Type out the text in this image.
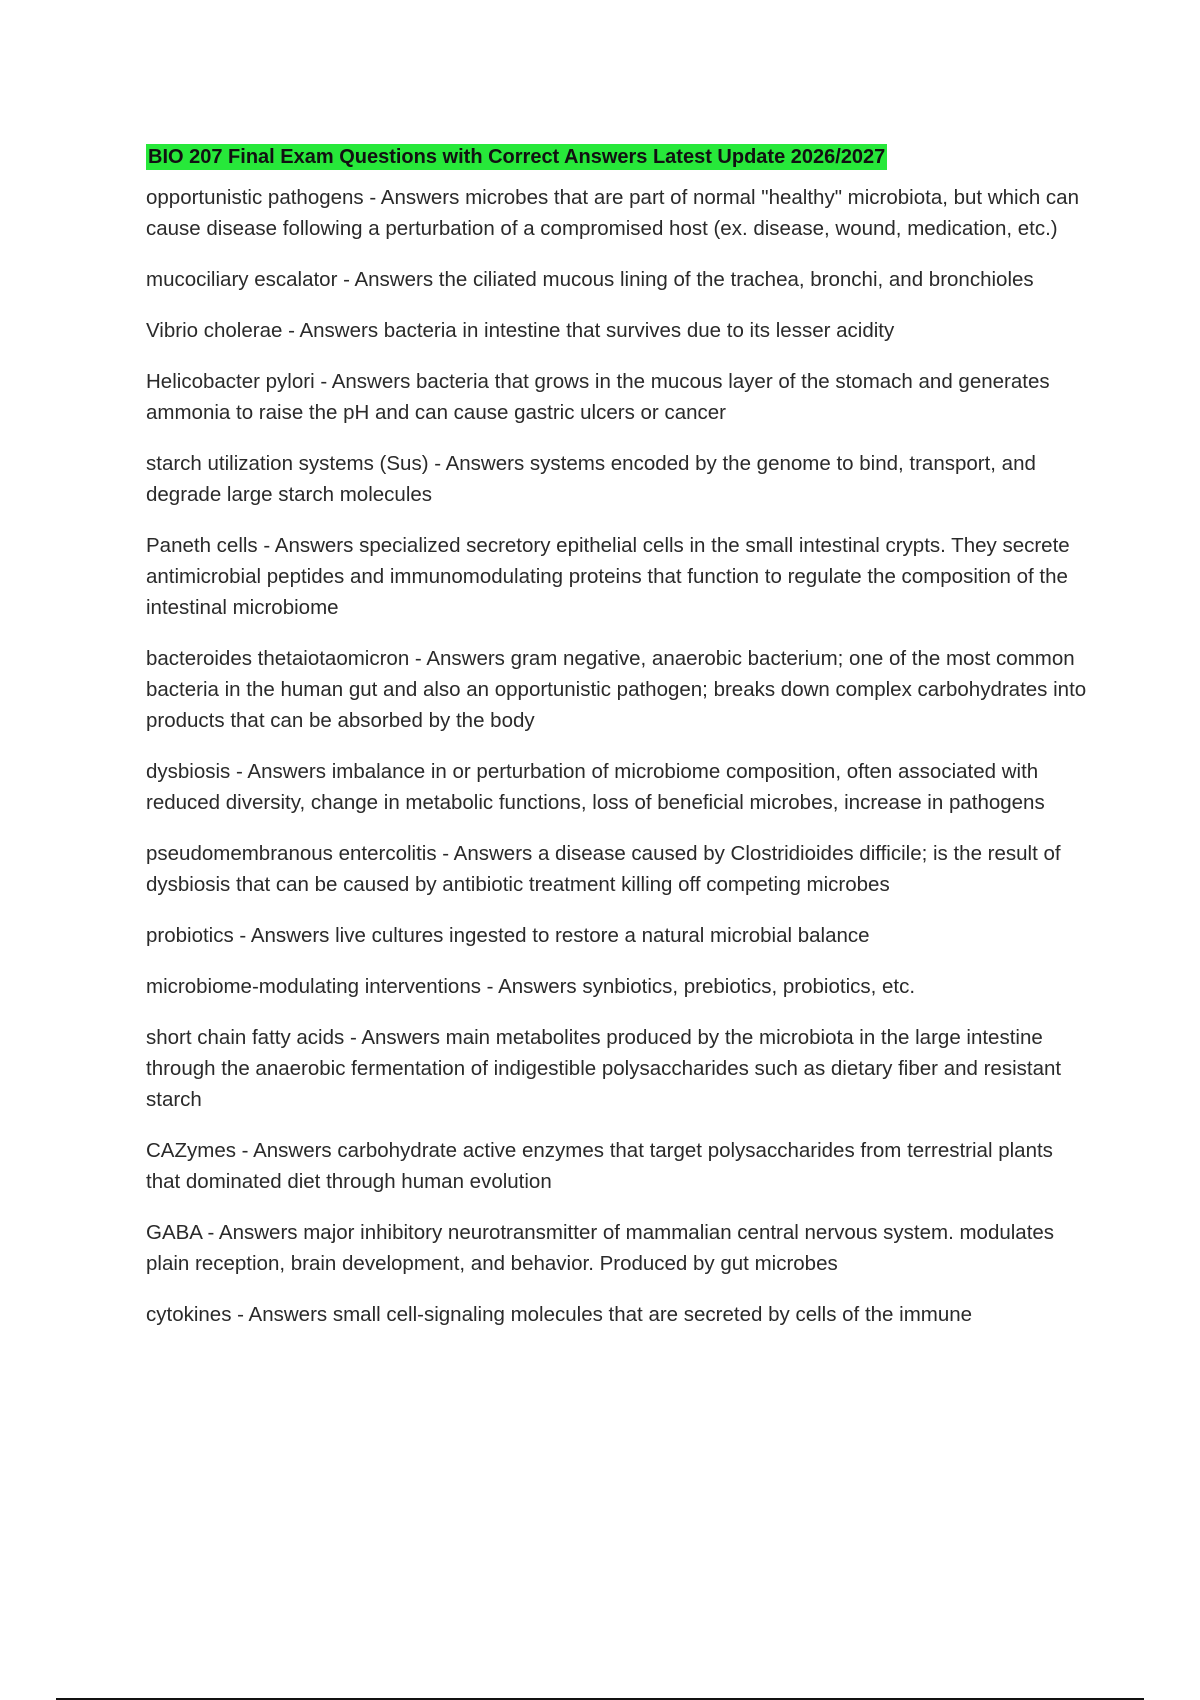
BIO 207 Final Exam Questions with Correct Answers Latest Update 2026/2027

opportunistic pathogens - Answers microbes that are part of normal "healthy" microbiota, but which can cause disease following a perturbation of a compromised host (ex. disease, wound, medication, etc.)

mucociliary escalator - Answers the ciliated mucous lining of the trachea, bronchi, and bronchioles

Vibrio cholerae - Answers bacteria in intestine that survives due to its lesser acidity

Helicobacter pylori - Answers bacteria that grows in the mucous layer of the stomach and generates ammonia to raise the pH and can cause gastric ulcers or cancer

starch utilization systems (Sus) - Answers systems encoded by the genome to bind, transport, and degrade large starch molecules

Paneth cells - Answers specialized secretory epithelial cells in the small intestinal crypts. They secrete antimicrobial peptides and immunomodulating proteins that function to regulate the composition of the intestinal microbiome

bacteroides thetaiotaomicron - Answers gram negative, anaerobic bacterium; one of the most common bacteria in the human gut and also an opportunistic pathogen; breaks down complex carbohydrates into products that can be absorbed by the body

dysbiosis - Answers imbalance in or perturbation of microbiome composition, often associated with reduced diversity, change in metabolic functions, loss of beneficial microbes, increase in pathogens

pseudomembranous entercolitis - Answers a disease caused by Clostridioides difficile; is the result of dysbiosis that can be caused by antibiotic treatment killing off competing microbes

probiotics - Answers live cultures ingested to restore a natural microbial balance

microbiome-modulating interventions - Answers synbiotics, prebiotics, probiotics, etc.

short chain fatty acids - Answers main metabolites produced by the microbiota in the large intestine through the anaerobic fermentation of indigestible polysaccharides such as dietary fiber and resistant starch

CAZymes - Answers carbohydrate active enzymes that target polysaccharides from terrestrial plants that dominated diet through human evolution

GABA - Answers major inhibitory neurotransmitter of mammalian central nervous system. modulates plain reception, brain development, and behavior. Produced by gut microbes

cytokines - Answers small cell-signaling molecules that are secreted by cells of the immune
